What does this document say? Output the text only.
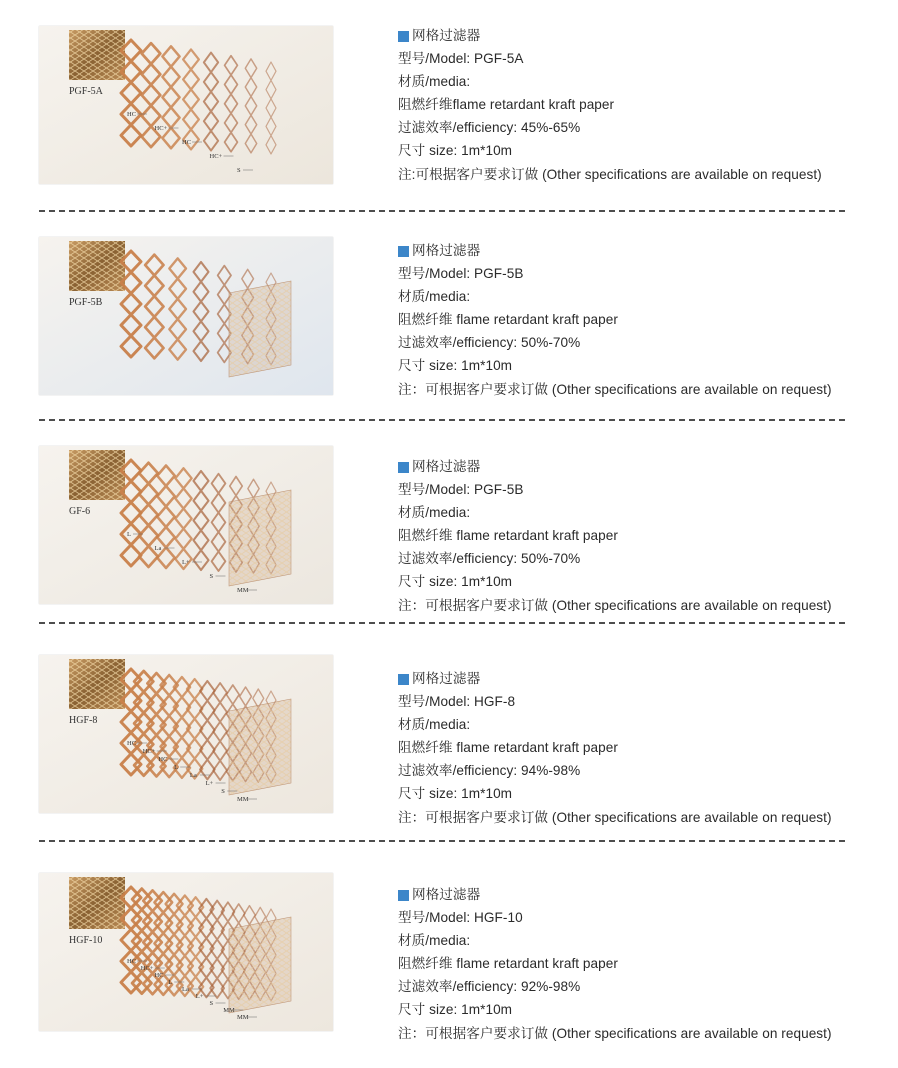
PGF-5A
HC
HC+
HC
HC+
S
网格过滤器
型号/Model: PGF-5A
材质/media:
阻燃纤维flame retardant kraft paper
过滤效率/efficiency: 45%-65%
尺寸 size: 1m*10m
注:可根据客户要求订做 (Other specifications are available on request)
PGF-5B
网格过滤器
型号/Model: PGF-5B
材质/media:
阻燃纤维 flame retardant kraft paper
过滤效率/efficiency: 50%-70%
尺寸 size: 1m*10m
注：可根据客户要求订做 (Other specifications are available on request)
GF-6
L
La
L+
S
MM
网格过滤器
型号/Model: PGF-5B
材质/media:
阻燃纤维 flame retardant kraft paper
过滤效率/efficiency: 50%-70%
尺寸 size: 1m*10m
注：可根据客户要求订做 (Other specifications are available on request)
HGF-8
HC
HC+
HC
L
La
L+
S
MM
网格过滤器
型号/Model: HGF-8
材质/media:
阻燃纤维 flame retardant kraft paper
过滤效率/efficiency: 94%-98%
尺寸 size: 1m*10m
注：可根据客户要求订做 (Other specifications are available on request)
HGF-10
HC
HC+
HC
L
La
L+
S
MM
MM
网格过滤器
型号/Model: HGF-10
材质/media:
阻燃纤维 flame retardant kraft paper
过滤效率/efficiency: 92%-98%
尺寸 size: 1m*10m
注：可根据客户要求订做 (Other specifications are available on request)
